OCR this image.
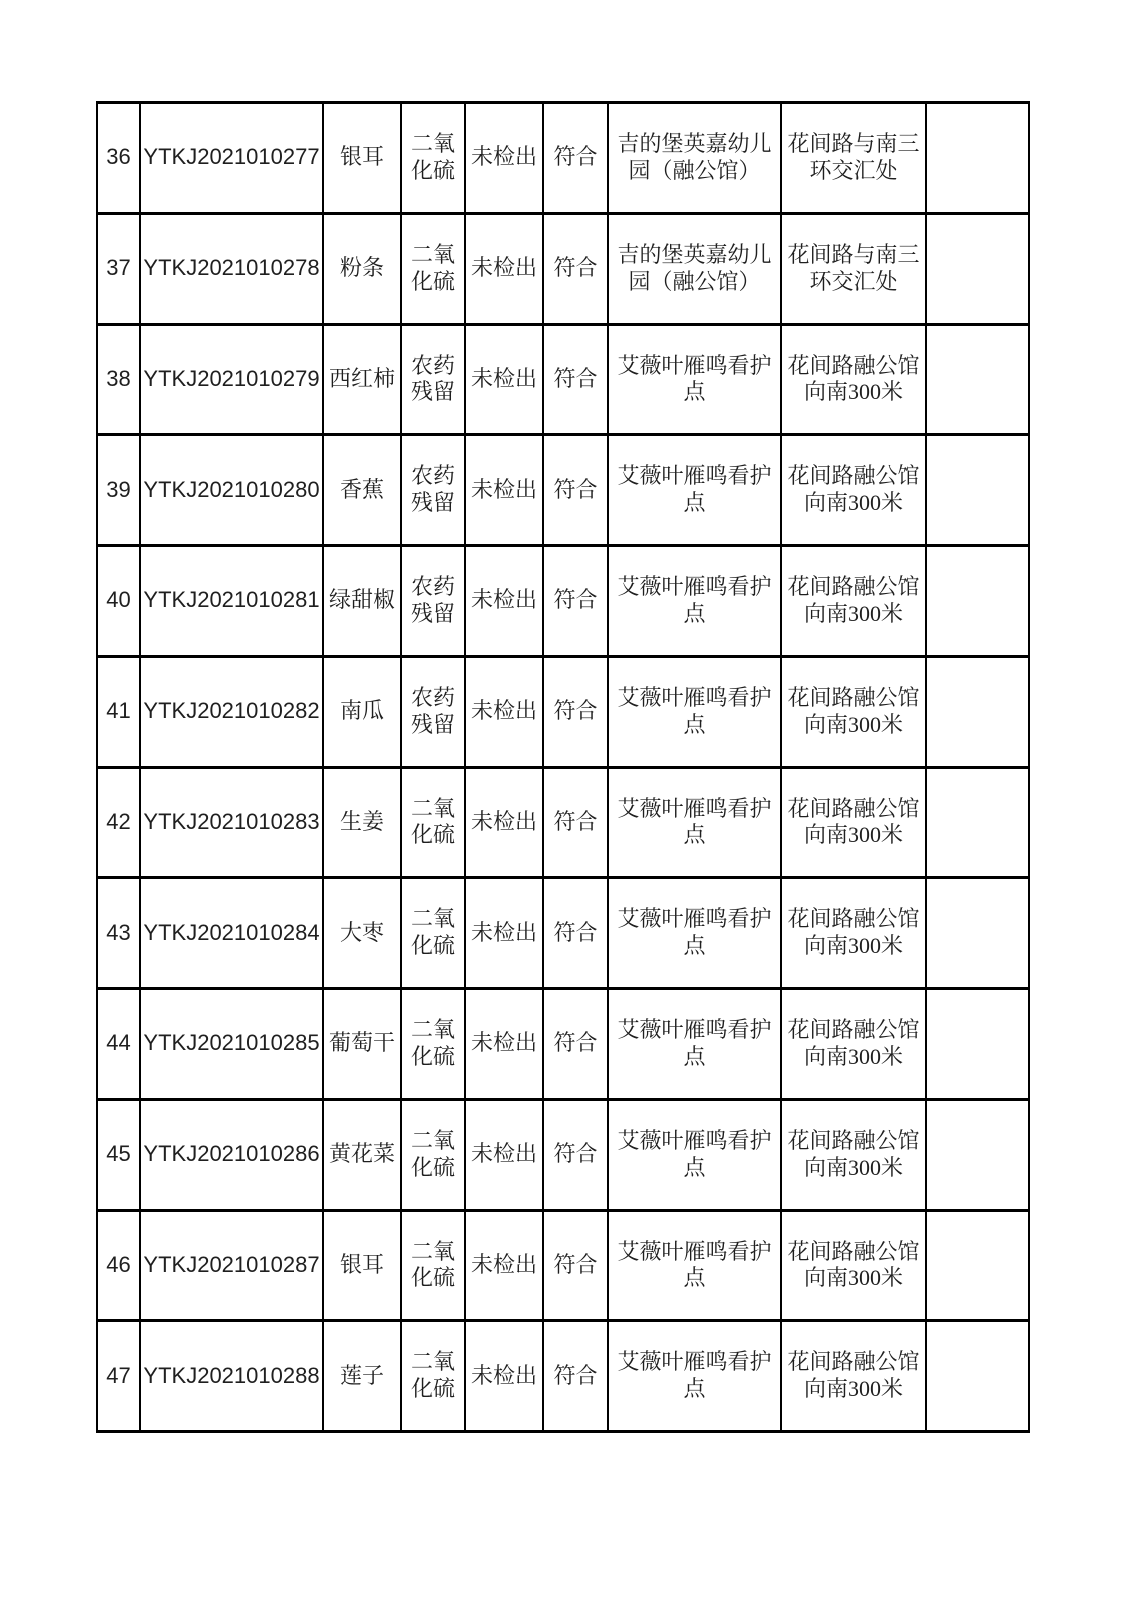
36	YTKJ2021010277	银耳	二氧化硫	未检出	符合	吉的堡英嘉幼儿园（融公馆）	花间路与南三环交汇处	
37	YTKJ2021010278	粉条	二氧化硫	未检出	符合	吉的堡英嘉幼儿园（融公馆）	花间路与南三环交汇处	
38	YTKJ2021010279	西红柿	农药残留	未检出	符合	艾薇叶雁鸣看护点	花间路融公馆向南300米	
39	YTKJ2021010280	香蕉	农药残留	未检出	符合	艾薇叶雁鸣看护点	花间路融公馆向南300米	
40	YTKJ2021010281	绿甜椒	农药残留	未检出	符合	艾薇叶雁鸣看护点	花间路融公馆向南300米	
41	YTKJ2021010282	南瓜	农药残留	未检出	符合	艾薇叶雁鸣看护点	花间路融公馆向南300米	
42	YTKJ2021010283	生姜	二氧化硫	未检出	符合	艾薇叶雁鸣看护点	花间路融公馆向南300米	
43	YTKJ2021010284	大枣	二氧化硫	未检出	符合	艾薇叶雁鸣看护点	花间路融公馆向南300米	
44	YTKJ2021010285	葡萄干	二氧化硫	未检出	符合	艾薇叶雁鸣看护点	花间路融公馆向南300米	
45	YTKJ2021010286	黄花菜	二氧化硫	未检出	符合	艾薇叶雁鸣看护点	花间路融公馆向南300米	
46	YTKJ2021010287	银耳	二氧化硫	未检出	符合	艾薇叶雁鸣看护点	花间路融公馆向南300米	
47	YTKJ2021010288	莲子	二氧化硫	未检出	符合	艾薇叶雁鸣看护点	花间路融公馆向南300米	
